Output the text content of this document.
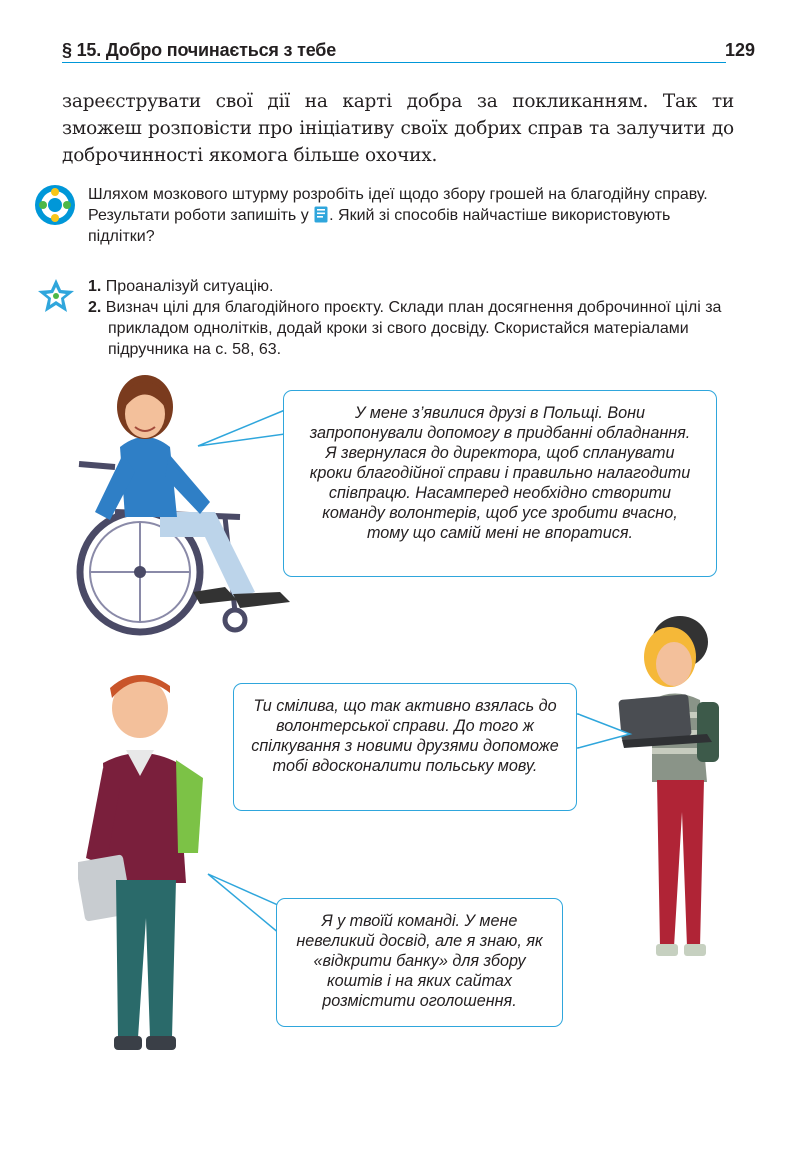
§ 15. Добро починається з тебе	129
зареєструвати свої дії на карті добра за покликанням. Так ти зможеш розповісти про ініціативу своїх добрих справ та залучити до доброчинності якомога більше охочих.
Шляхом мозкового штурму розробіть ідеї щодо збору грошей на благодійну справу. Результати роботи запишіть у . Який зі способів найчастіше використовують підлітки?
1. Проаналізуй ситуацію.
2. Визнач цілі для благодійного проєкту. Склади план досягнення доброчинної цілі за прикладом однолітків, додай кроки зі свого досвіду. Скористайся матеріалами підручника на с. 58, 63.
У мене з’явилися друзі в Польщі. Вони запропонували допомогу в придбанні обладнання. Я звернулася до директора, щоб спланувати кроки благодійної справи і правильно налагодити співпрацю. Насамперед необхідно створити команду волонтерів, щоб усе зробити вчасно, тому що самій мені не впоратися.
Ти смілива, що так активно взялась до волонтерської справи. До того ж спілкування з новими друзями допоможе тобі вдосконалити польську мову.
Я у твоїй команді. У мене невеликий досвід, але я знаю, як «відкрити банку» для збору коштів і на яких сайтах розмістити оголошення.
